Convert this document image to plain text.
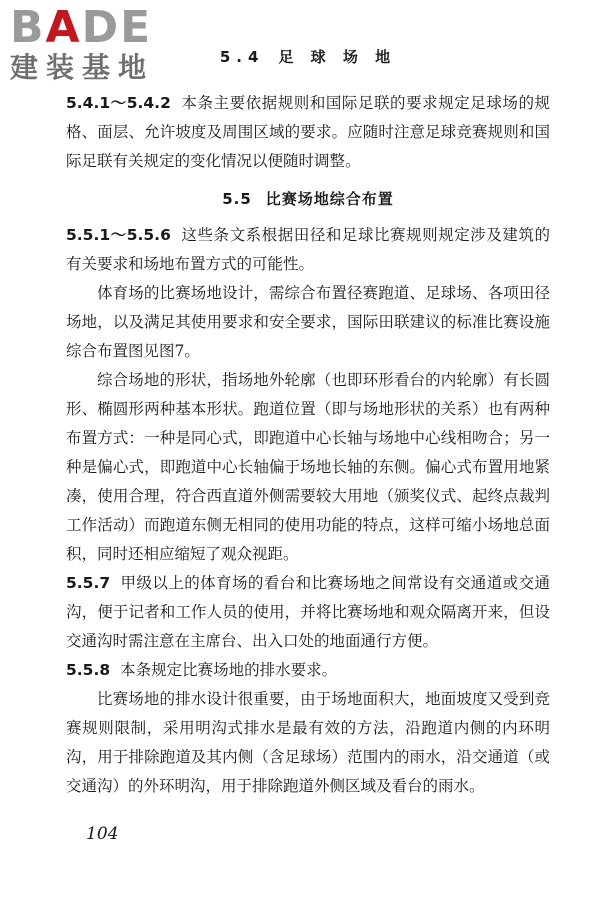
BADE
建装基地	5.4 足 球 场 地

5.4.1～5.4.2 本条主要依据规则和国际足联的要求规定足球场的规格、面层、允许坡度及周围区域的要求。应随时注意足球竞赛规则和国际足联有关规定的变化情况以便随时调整。

5.5 比赛场地综合布置

5.5.1～5.5.6 这些条文系根据田径和足球比赛规则规定涉及建筑的有关要求和场地布置方式的可能性。

体育场的比赛场地设计，需综合布置径赛跑道、足球场、各项田径场地，以及满足其使用要求和安全要求，国际田联建议的标准比赛设施综合布置图见图7。

综合场地的形状，指场地外轮廓（也即环形看台的内轮廓）有长圆形、椭圆形两种基本形状。跑道位置（即与场地形状的关系）也有两种布置方式：一种是同心式，即跑道中心长轴与场地中心线相吻合；另一种是偏心式，即跑道中心长轴偏于场地长轴的东侧。偏心式布置用地紧凑，使用合理，符合西直道外侧需要较大用地（颁奖仪式、起终点裁判工作活动）而跑道东侧无相同的使用功能的特点，这样可缩小场地总面积，同时还相应缩短了观众视距。

5.5.7 甲级以上的体育场的看台和比赛场地之间常设有交通道或交通沟，便于记者和工作人员的使用，并将比赛场地和观众隔离开来，但设交通沟时需注意在主席台、出入口处的地面通行方便。

5.5.8 本条规定比赛场地的排水要求。

比赛场地的排水设计很重要，由于场地面积大，地面坡度又受到竞赛规则限制，采用明沟式排水是最有效的方法，沿跑道内侧的内环明沟，用于排除跑道及其内侧（含足球场）范围内的雨水，沿交通道（或交通沟）的外环明沟，用于排除跑道外侧区域及看台的雨水。

104
